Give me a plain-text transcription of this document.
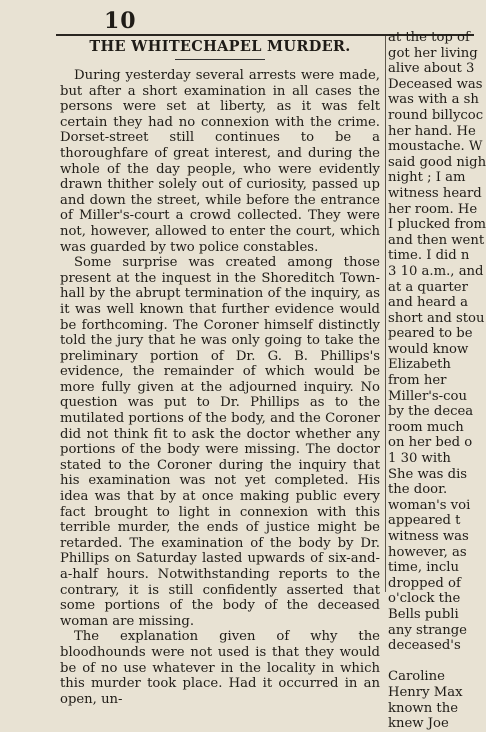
10
THE WHITECHAPEL MURDER.

During yesterday several arrests were made, but after a short examination in all cases the persons were set at liberty, as it was felt certain they had no connexion with the crime. Dorset-street still continues to be a thoroughfare of great interest, and during the whole of the day people, who were evidently drawn thither solely out of curiosity, passed up and down the street, while before the entrance of Miller's-court a crowd collected. They were not, however, allowed to enter the court, which was guarded by two police constables.

Some surprise was created among those present at the inquest in the Shoreditch Town-hall by the abrupt termination of the inquiry, as it was well known that further evidence would be forthcoming. The Coroner himself distinctly told the jury that he was only going to take the preliminary portion of Dr. G. B. Phillips's evidence, the remainder of which would be more fully given at the adjourned inquiry. No question was put to Dr. Phillips as to the mutilated portions of the body, and the Coroner did not think fit to ask the doctor whether any portions of the body were missing. The doctor stated to the Coroner during the inquiry that his examination was not yet completed. His idea was that by at once making public every fact brought to light in connexion with this terrible murder, the ends of justice might be retarded. The examination of the body by Dr. Phillips on Saturday lasted upwards of six-and-a-half hours. Notwithstanding reports to the contrary, it is still confidently asserted that some portions of the body of the deceased woman are missing.

The explanation given of why the bloodhounds were not used is that they would be of no use whatever in the locality in which this murder took place. Had it occurred in an open, un-

at the top of
got her living
alive about 3
Deceased was
was with a sh
round billycoc
her hand. He
moustache. W
said good nigh
night ; I am
witness heard
her room. He
I plucked from
and then went
time. I did n
3 10 a.m., and
at a quarter
and heard a
short and stou
peared to be
would know
Elizabeth
from her
Miller's-cou
by the decea
room much
on her bed o
1 30 with
She was dis
the door.
woman's voi
appeared t
witness was
however, as
time, inclu
dropped of
o'clock the
Bells publi
any strange
deceased's

Caroline
Henry Max
known the
knew Joe
